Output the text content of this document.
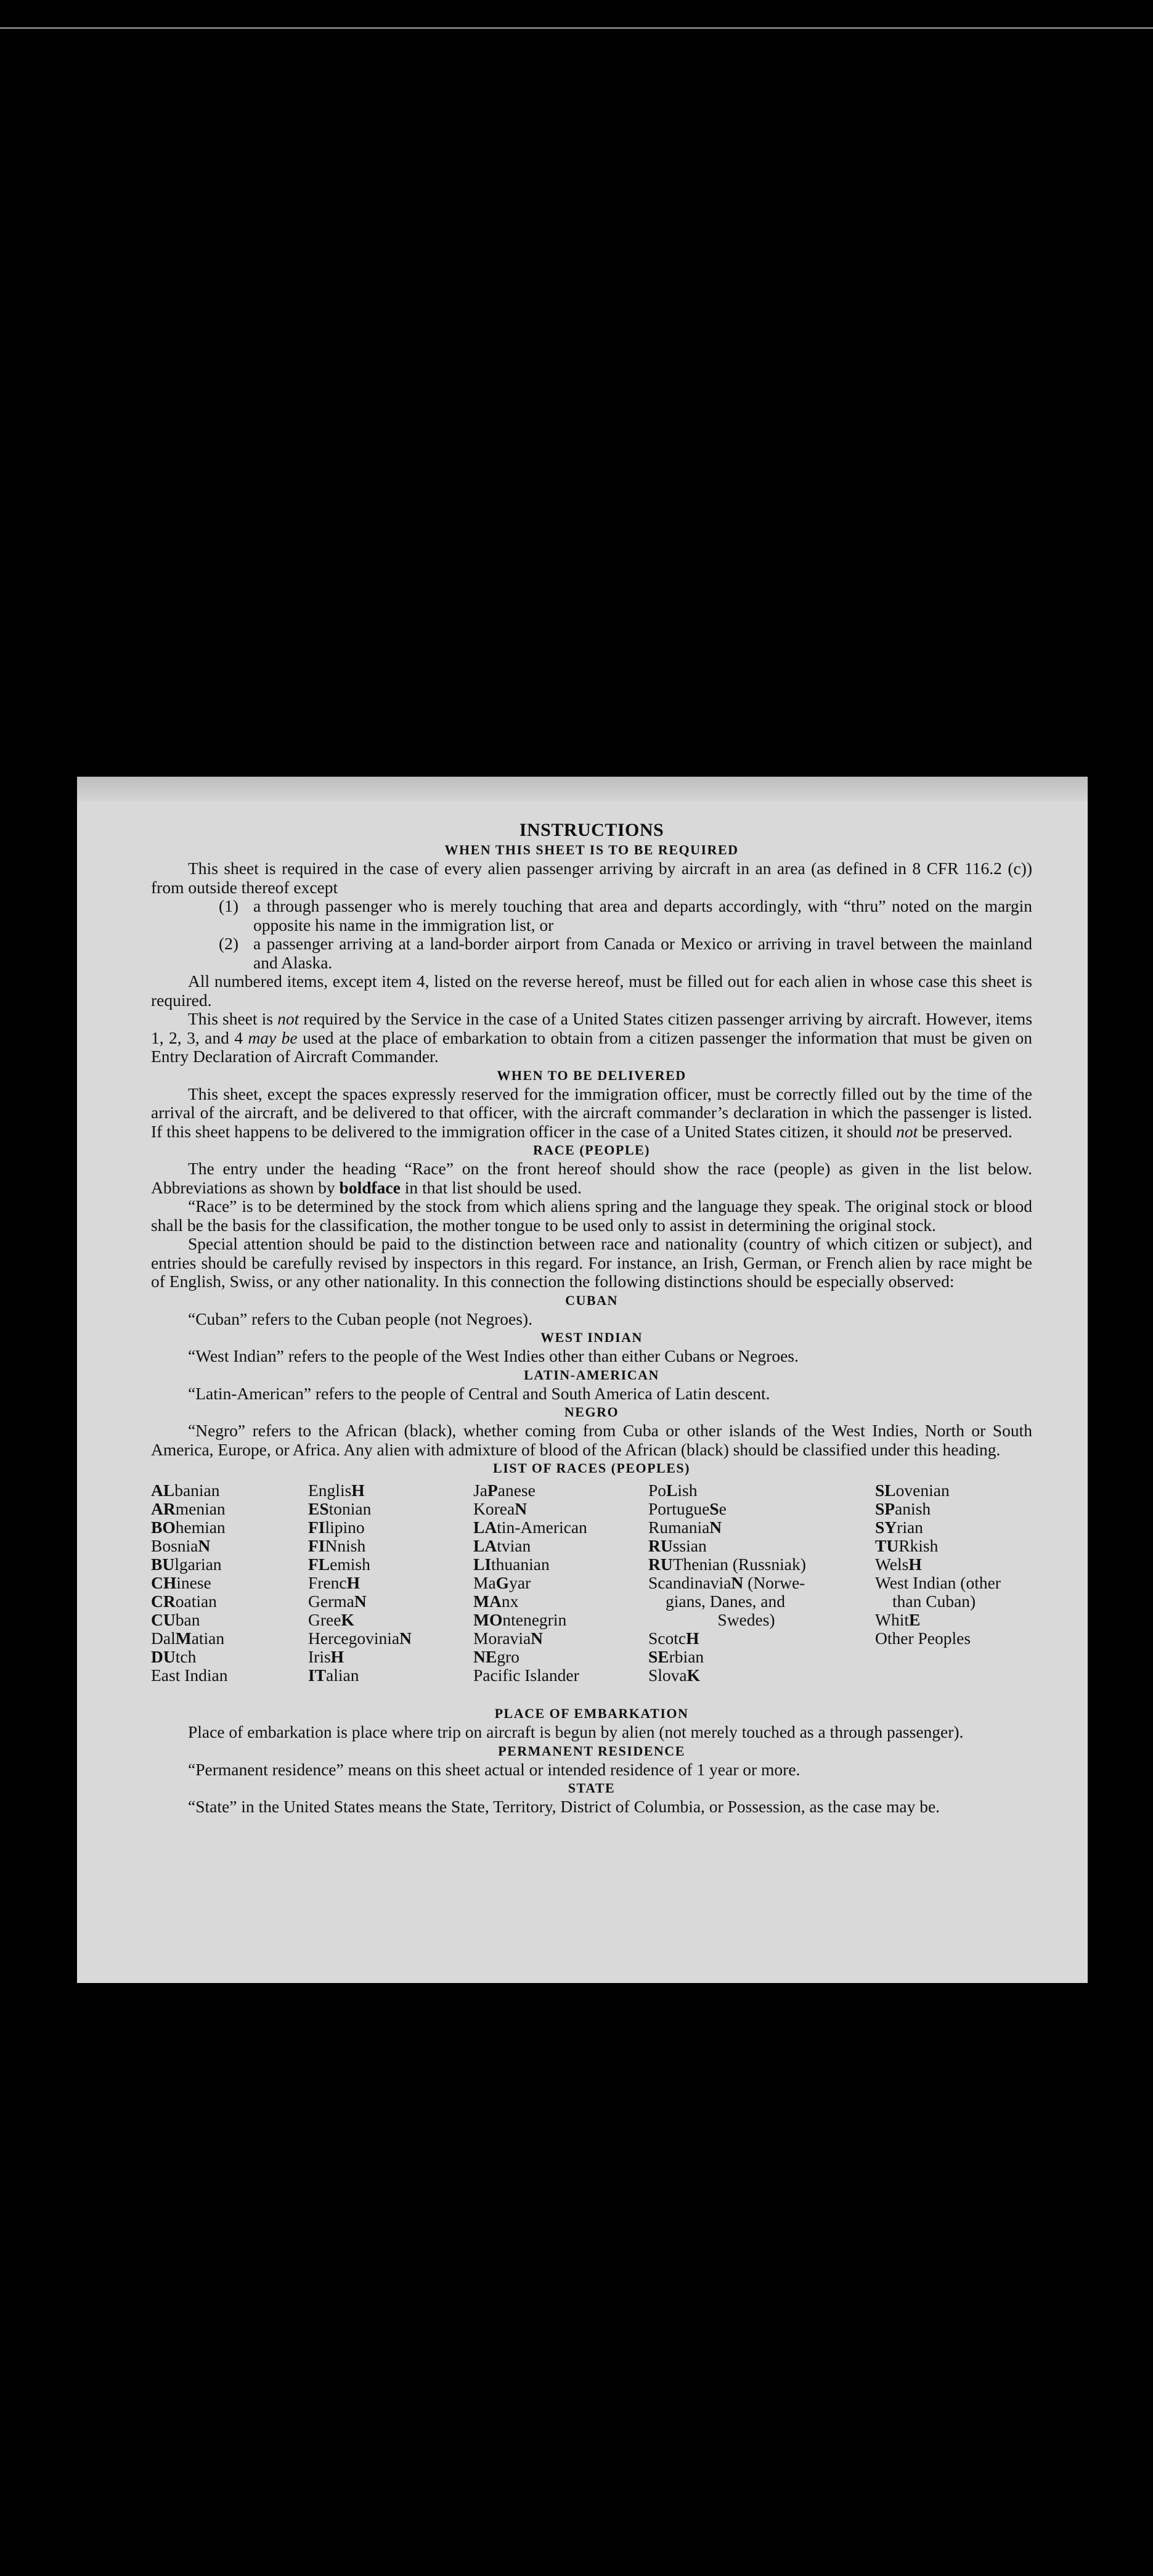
INSTRUCTIONS
WHEN THIS SHEET IS TO BE REQUIRED

This sheet is required in the case of every alien passenger arriving by aircraft in an area (as defined in 8 CFR 116.2 (c)) from outside thereof except

(1) a through passenger who is merely touching that area and departs accordingly, with “thru” noted on the margin opposite his name in the immigration list, or
(2) a passenger arriving at a land-border airport from Canada or Mexico or arriving in travel between the mainland and Alaska.

All numbered items, except item 4, listed on the reverse hereof, must be filled out for each alien in whose case this sheet is required.

This sheet is not required by the Service in the case of a United States citizen passenger arriving by aircraft. However, items 1, 2, 3, and 4 may be used at the place of embarkation to obtain from a citizen passenger the information that must be given on Entry Declaration of Aircraft Commander.

WHEN TO BE DELIVERED

This sheet, except the spaces expressly reserved for the immigration officer, must be correctly filled out by the time of the arrival of the aircraft, and be delivered to that officer, with the aircraft commander’s declaration in which the passenger is listed. If this sheet happens to be delivered to the immigration officer in the case of a United States citizen, it should not be preserved.

RACE (PEOPLE)

The entry under the heading “Race” on the front hereof should show the race (people) as given in the list below. Abbreviations as shown by boldface in that list should be used.

“Race” is to be determined by the stock from which aliens spring and the language they speak. The original stock or blood shall be the basis for the classification, the mother tongue to be used only to assist in determining the original stock.

Special attention should be paid to the distinction between race and nationality (country of which citizen or subject), and entries should be carefully revised by inspectors in this regard. For instance, an Irish, German, or French alien by race might be of English, Swiss, or any other nationality. In this connection the following distinctions should be especially observed:

CUBAN

“Cuban” refers to the Cuban people (not Negroes).

WEST INDIAN

“West Indian” refers to the people of the West Indies other than either Cubans or Negroes.

LATIN-AMERICAN

“Latin-American” refers to the people of Central and South America of Latin descent.

NEGRO

“Negro” refers to the African (black), whether coming from Cuba or other islands of the West Indies, North or South America, Europe, or Africa. Any alien with admixture of blood of the African (black) should be classified under this heading.

LIST OF RACES (PEOPLES)
ALbanian
ARmenian
BOhemian
BosniaN
BUlgarian
CHinese
CRoatian
CUban
DalMatian
DUtch
East Indian
EnglisH
EStonian
FIlipino
FINnish
FLemish
FrencH
GermaN
GreeK
HercegoviniaN
IrisH
ITalian
JaPanese
KoreaN
LAtin-American
LAtvian
LIthuanian
MaGyar
MAnx
MOntenegrin
MoraviaN
NEgro
Pacific Islander
PoLish
PortugueSe
RumaniaN
RUssian
RUThenian (Russniak)
ScandinaviaN (Norwe-
gians, Danes, and
Swedes)
ScotcH
SErbian
SlovaK
SLovenian
SPanish
SYrian
TURkish
WelsH
West Indian (other
than Cuban)
WhitE
Other Peoples
PLACE OF EMBARKATION

Place of embarkation is place where trip on aircraft is begun by alien (not merely touched as a through passenger).

PERMANENT RESIDENCE

“Permanent residence” means on this sheet actual or intended residence of 1 year or more.

STATE

“State” in the United States means the State, Territory, District of Columbia, or Possession, as the case may be.
